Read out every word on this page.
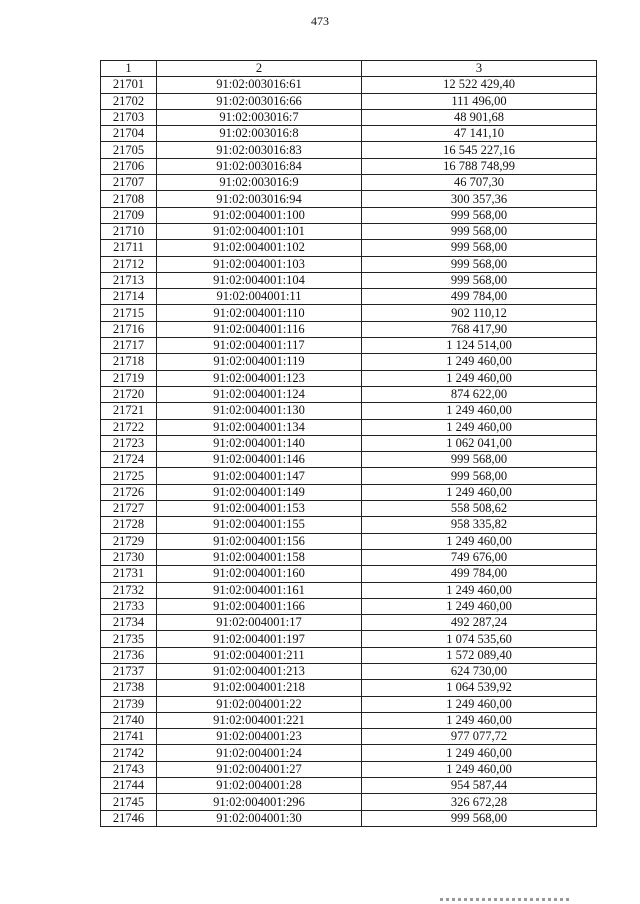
473
1	2	3
21701	91:02:003016:61	12 522 429,40
21702	91:02:003016:66	111 496,00
21703	91:02:003016:7	48 901,68
21704	91:02:003016:8	47 141,10
21705	91:02:003016:83	16 545 227,16
21706	91:02:003016:84	16 788 748,99
21707	91:02:003016:9	46 707,30
21708	91:02:003016:94	300 357,36
21709	91:02:004001:100	999 568,00
21710	91:02:004001:101	999 568,00
21711	91:02:004001:102	999 568,00
21712	91:02:004001:103	999 568,00
21713	91:02:004001:104	999 568,00
21714	91:02:004001:11	499 784,00
21715	91:02:004001:110	902 110,12
21716	91:02:004001:116	768 417,90
21717	91:02:004001:117	1 124 514,00
21718	91:02:004001:119	1 249 460,00
21719	91:02:004001:123	1 249 460,00
21720	91:02:004001:124	874 622,00
21721	91:02:004001:130	1 249 460,00
21722	91:02:004001:134	1 249 460,00
21723	91:02:004001:140	1 062 041,00
21724	91:02:004001:146	999 568,00
21725	91:02:004001:147	999 568,00
21726	91:02:004001:149	1 249 460,00
21727	91:02:004001:153	558 508,62
21728	91:02:004001:155	958 335,82
21729	91:02:004001:156	1 249 460,00
21730	91:02:004001:158	749 676,00
21731	91:02:004001:160	499 784,00
21732	91:02:004001:161	1 249 460,00
21733	91:02:004001:166	1 249 460,00
21734	91:02:004001:17	492 287,24
21735	91:02:004001:197	1 074 535,60
21736	91:02:004001:211	1 572 089,40
21737	91:02:004001:213	624 730,00
21738	91:02:004001:218	1 064 539,92
21739	91:02:004001:22	1 249 460,00
21740	91:02:004001:221	1 249 460,00
21741	91:02:004001:23	977 077,72
21742	91:02:004001:24	1 249 460,00
21743	91:02:004001:27	1 249 460,00
21744	91:02:004001:28	954 587,44
21745	91:02:004001:296	326 672,28
21746	91:02:004001:30	999 568,00
